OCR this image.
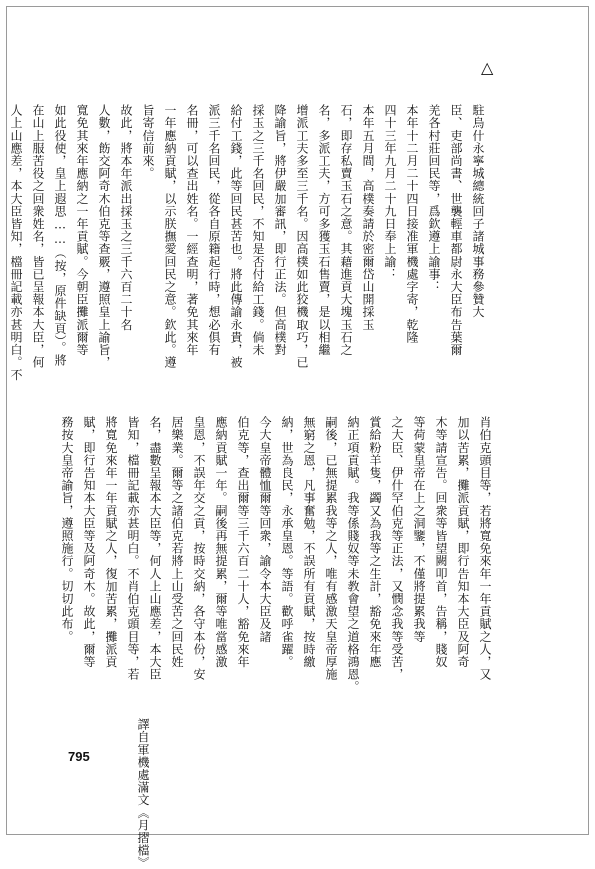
△
駐烏什永寧城總統回子諸城事務參贊大
臣、吏部尚書、世襲輕車都尉永大臣布告葉爾
羌各村莊回民等，爲欽遵上諭事：
本年十二月二十四日接准軍機處字寄，乾隆
四十三年九月二十九日奉上諭：
本年五月間，高樸奏請於密爾岱山開採玉
石，即存私賣玉石之意。其藉進貢大塊玉石之
名，多派工夫，方可多獲玉石售賣，是以相繼
增派工夫多至三千名。因高樸如此狡機取巧，已
降諭旨，將伊嚴加審訊，即行正法。但高樸對
採玉之三千名回民，不知是否付給工錢。倘未
給付工錢，此等回民甚苦也。將此傳諭永貴，被
派三千名回民，從各自原籍起行時，想必俱有
名冊，可以查出姓名。一經查明，著免其來年
一年應納貢賦，以示朕撫愛回民之意。欽此。遵
旨寄信前來。
故此，將本年派出採玉之三千六百二十名
人數，飭交阿奇木伯克等查覈，遵照皇上諭旨，
寬免其來年應納之一年貢賦。今朝臣攤派爾等
如此役使，皇上遐思……（按，原件缺頁）。將
在山上服苦役之回衆姓名，皆已呈報本大臣，何
人上山應差，本大臣皆知，檔冊記載亦甚明白。不
肖伯克頭目等，若將寬免來年一年貢賦之人，又
加以苦累，攤派貢賦，即行告知本大臣及阿奇
木等請宣告。回衆等皆望闕叩首，告稱，賤奴
等荷蒙皇帝在上之洞鑒，不僅將提累我等
之大臣、伊什罕伯克等正法，又憫念我等受苦，
賞給粉羊隻，蠲又為我等之生計，豁免來年應
納正項貢賦。我等係賤奴等未教會望之道格鴻恩。
嗣後，已無提累我等之人，唯有感激天皇帝厚施
無窮之恩，凡事奮勉，不誤所有貢賦，按時繳
納，世為良民，永承皇恩。等語。歡呼雀躍。
今大皇帝體恤爾等回衆，諭令本大臣及諸
伯克等，查出爾等三千六百二十人，豁免來年
應納貢賦一年。嗣後再無提累，爾等唯當感激
皇恩，不誤年交之貢，按時交納，各守本份，安
居樂業。爾等之諸伯克若將上山受苦之回民姓
名，盡數呈報本大臣等，何人上山應差，本大臣
皆知，檔冊記載亦甚明白。不肖伯克頭目等，若
將寬免來年一年貢賦之人，復加苦累，攤派貢
賦，即行告知本大臣等及阿奇木。故此，爾等
務按大皇帝諭旨，遵照施行。切切此布。
譯自軍機處滿文《月摺檔》
795
